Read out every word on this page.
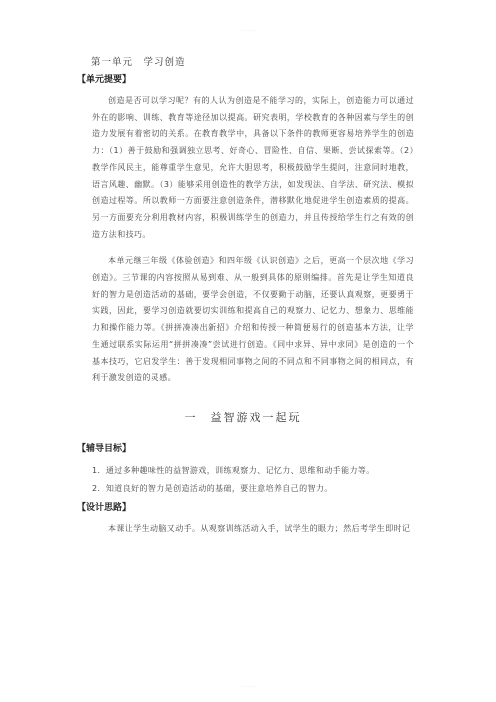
··········
第一单元　学习创造
【单元提要】

创造是否可以学习呢？有的人认为创造是不能学习的，实际上，创造能力可以通过外在的影响、训练、教育等途径加以提高。研究表明，学校教育的各种因素与学生的创造力发展有着密切的关系。在教育教学中，具备以下条件的教师更容易培养学生的创造力：（1）善于鼓励和强调独立思考、好奇心、冒险性、自信、果断、尝试探索等。（2）教学作风民主，能尊重学生意见，允许大胆思考，积极鼓励学生提问，注意同时地教，语言风趣、幽默。（3）能够采用创造性的教学方法，如发现法、自学法、研究法、模拟创造过程等。所以教师一方面要注意创造条件，潜移默化地促进学生创造素质的提高。另一方面要充分利用教材内容，积极训练学生的创造力，并且传授给学生行之有效的创造方法和技巧。

本单元继三年级《体验创造》和四年级《认识创造》之后，更高一个层次地《学习创造》。三节课的内容按照从易到难、从一般到具体的原则编排。首先是让学生知道良好的智力是创造活动的基础，要学会创造，不仅要勤于动脑，还要认真观察，更要勇于实践，因此，要学习创造就要切实训练和提高自己的观察力、记忆力、想象力、思维能力和操作能力等。《拼拼凑凑出新招》介绍和传授一种简便易行的创造基本方法，让学生通过联系实际运用“拼拼凑凑”尝试进行创造。《同中求异、异中求同》是创造的一个基本技巧，它启发学生：善于发现相同事物之间的不同点和不同事物之间的相同点，有利于激发创造的灵感。

一　益智游戏一起玩
【辅导目标】

1．通过多种趣味性的益智游戏，训练观察力、记忆力、思维和动手能力等。

2．知道良好的智力是创造活动的基础，要注意培养自己的智力。

【设计思路】

本课让学生动脑又动手。从观察训练活动入手，试学生的眼力；然后考学生即时记

··········
